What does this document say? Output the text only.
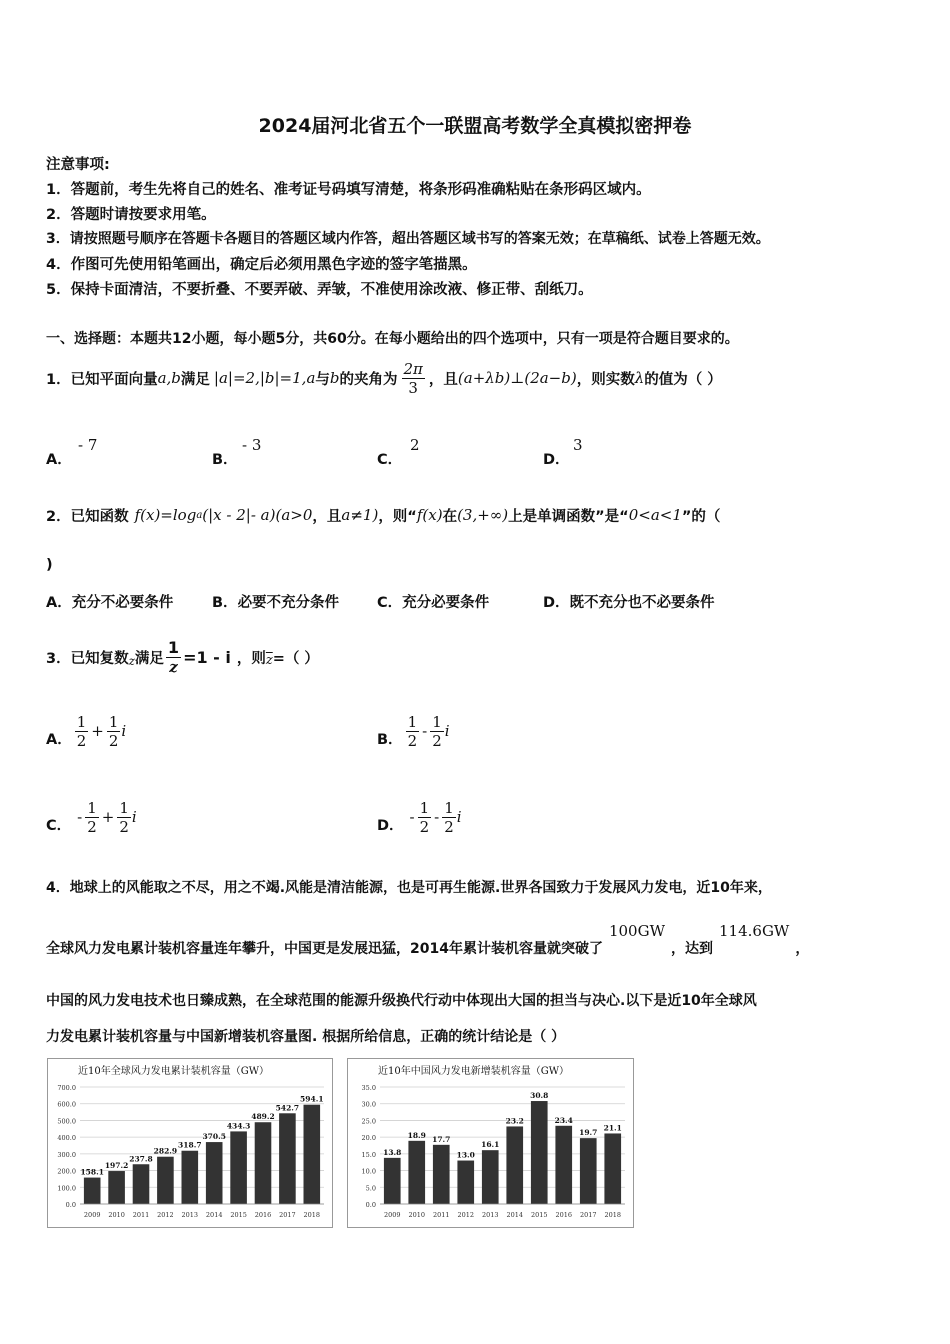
2024届河北省五个一联盟高考数学全真模拟密押卷
注意事项:
1．答题前，考生先将自己的姓名、准考证号码填写清楚，将条形码准确粘贴在条形码区域内。
2．答题时请按要求用笔。
3．请按照题号顺序在答题卡各题目的答题区域内作答，超出答题区域书写的答案无效；在草稿纸、试卷上答题无效。
4．作图可先使用铅笔画出，确定后必须用黑色字迹的签字笔描黑。
5．保持卡面清洁，不要折叠、不要弄破、弄皱，不准使用涂改液、修正带、刮纸刀。
一、选择题：本题共12小题，每小题5分，共60分。在每小题给出的四个选项中，只有一项是符合题目要求的。
1．已知平面向量 a,b 满足 |a|=2,|b|=1,a 与 b 的夹角为 $\frac{2\pi}{3}$ ，且 (a+λb)⊥(2a−b) ，则实数 λ 的值为（ ）
A．
- 7
B．
- 3
C．
2
D．
3
2．已知函数 f(x)=log a (|x - 2|- a)(a>0 ，且 a≠1) ，则“ f(x) 在 (3,+∞) 上是单调函数”是“ 0<a<1 ”的（
)
A．充分不必要条件	B．必要不充分条件	C．充分必要条件	D．既不充分也不必要条件
3．已知复数 z 满足 $\frac{1}{z} =1 - i$ ，则 $\overline{z}$ =（ ）
A． $\frac{1}{2} + \frac{1}{2}$ i	B． $\frac{1}{2} - \frac{1}{2}$ i
C． - $\frac{1}{2} + \frac{1}{2}$ i	D． - $\frac{1}{2} - \frac{1}{2}$ i
4．地球上的风能取之不尽，用之不竭.风能是清洁能源，也是可再生能源.世界各国致力于发展风力发电，近10年来，
全球风力发电累计装机容量连年攀升，中国更是发展迅猛，2014年累计装机容量就突破了
100GW
，达到
114.6GW
，
中国的风力发电技术也日臻成熟，在全球范围的能源升级换代行动中体现出大国的担当与决心.以下是近10年全球风
力发电累计装机容量与中国新增装机容量图. 根据所给信息，正确的统计结论是（ ）
近10年全球风力发电累计装机容量（GW）
0.0
100.0
200.0
300.0
400.0
500.0
600.0
700.0
158.1
2009
197.2
2010
237.8
2011
282.9
2012
318.7
2013
370.5
2014
434.3
2015
489.2
2016
542.7
2017
594.1
2018
近10年中国风力发电新增装机容量（GW）
0.0
5.0
10.0
15.0
20.0
25.0
30.0
35.0
13.8
2009
18.9
2010
17.7
2011
13.0
2012
16.1
2013
23.2
2014
30.8
2015
23.4
2016
19.7
2017
21.1
2018
